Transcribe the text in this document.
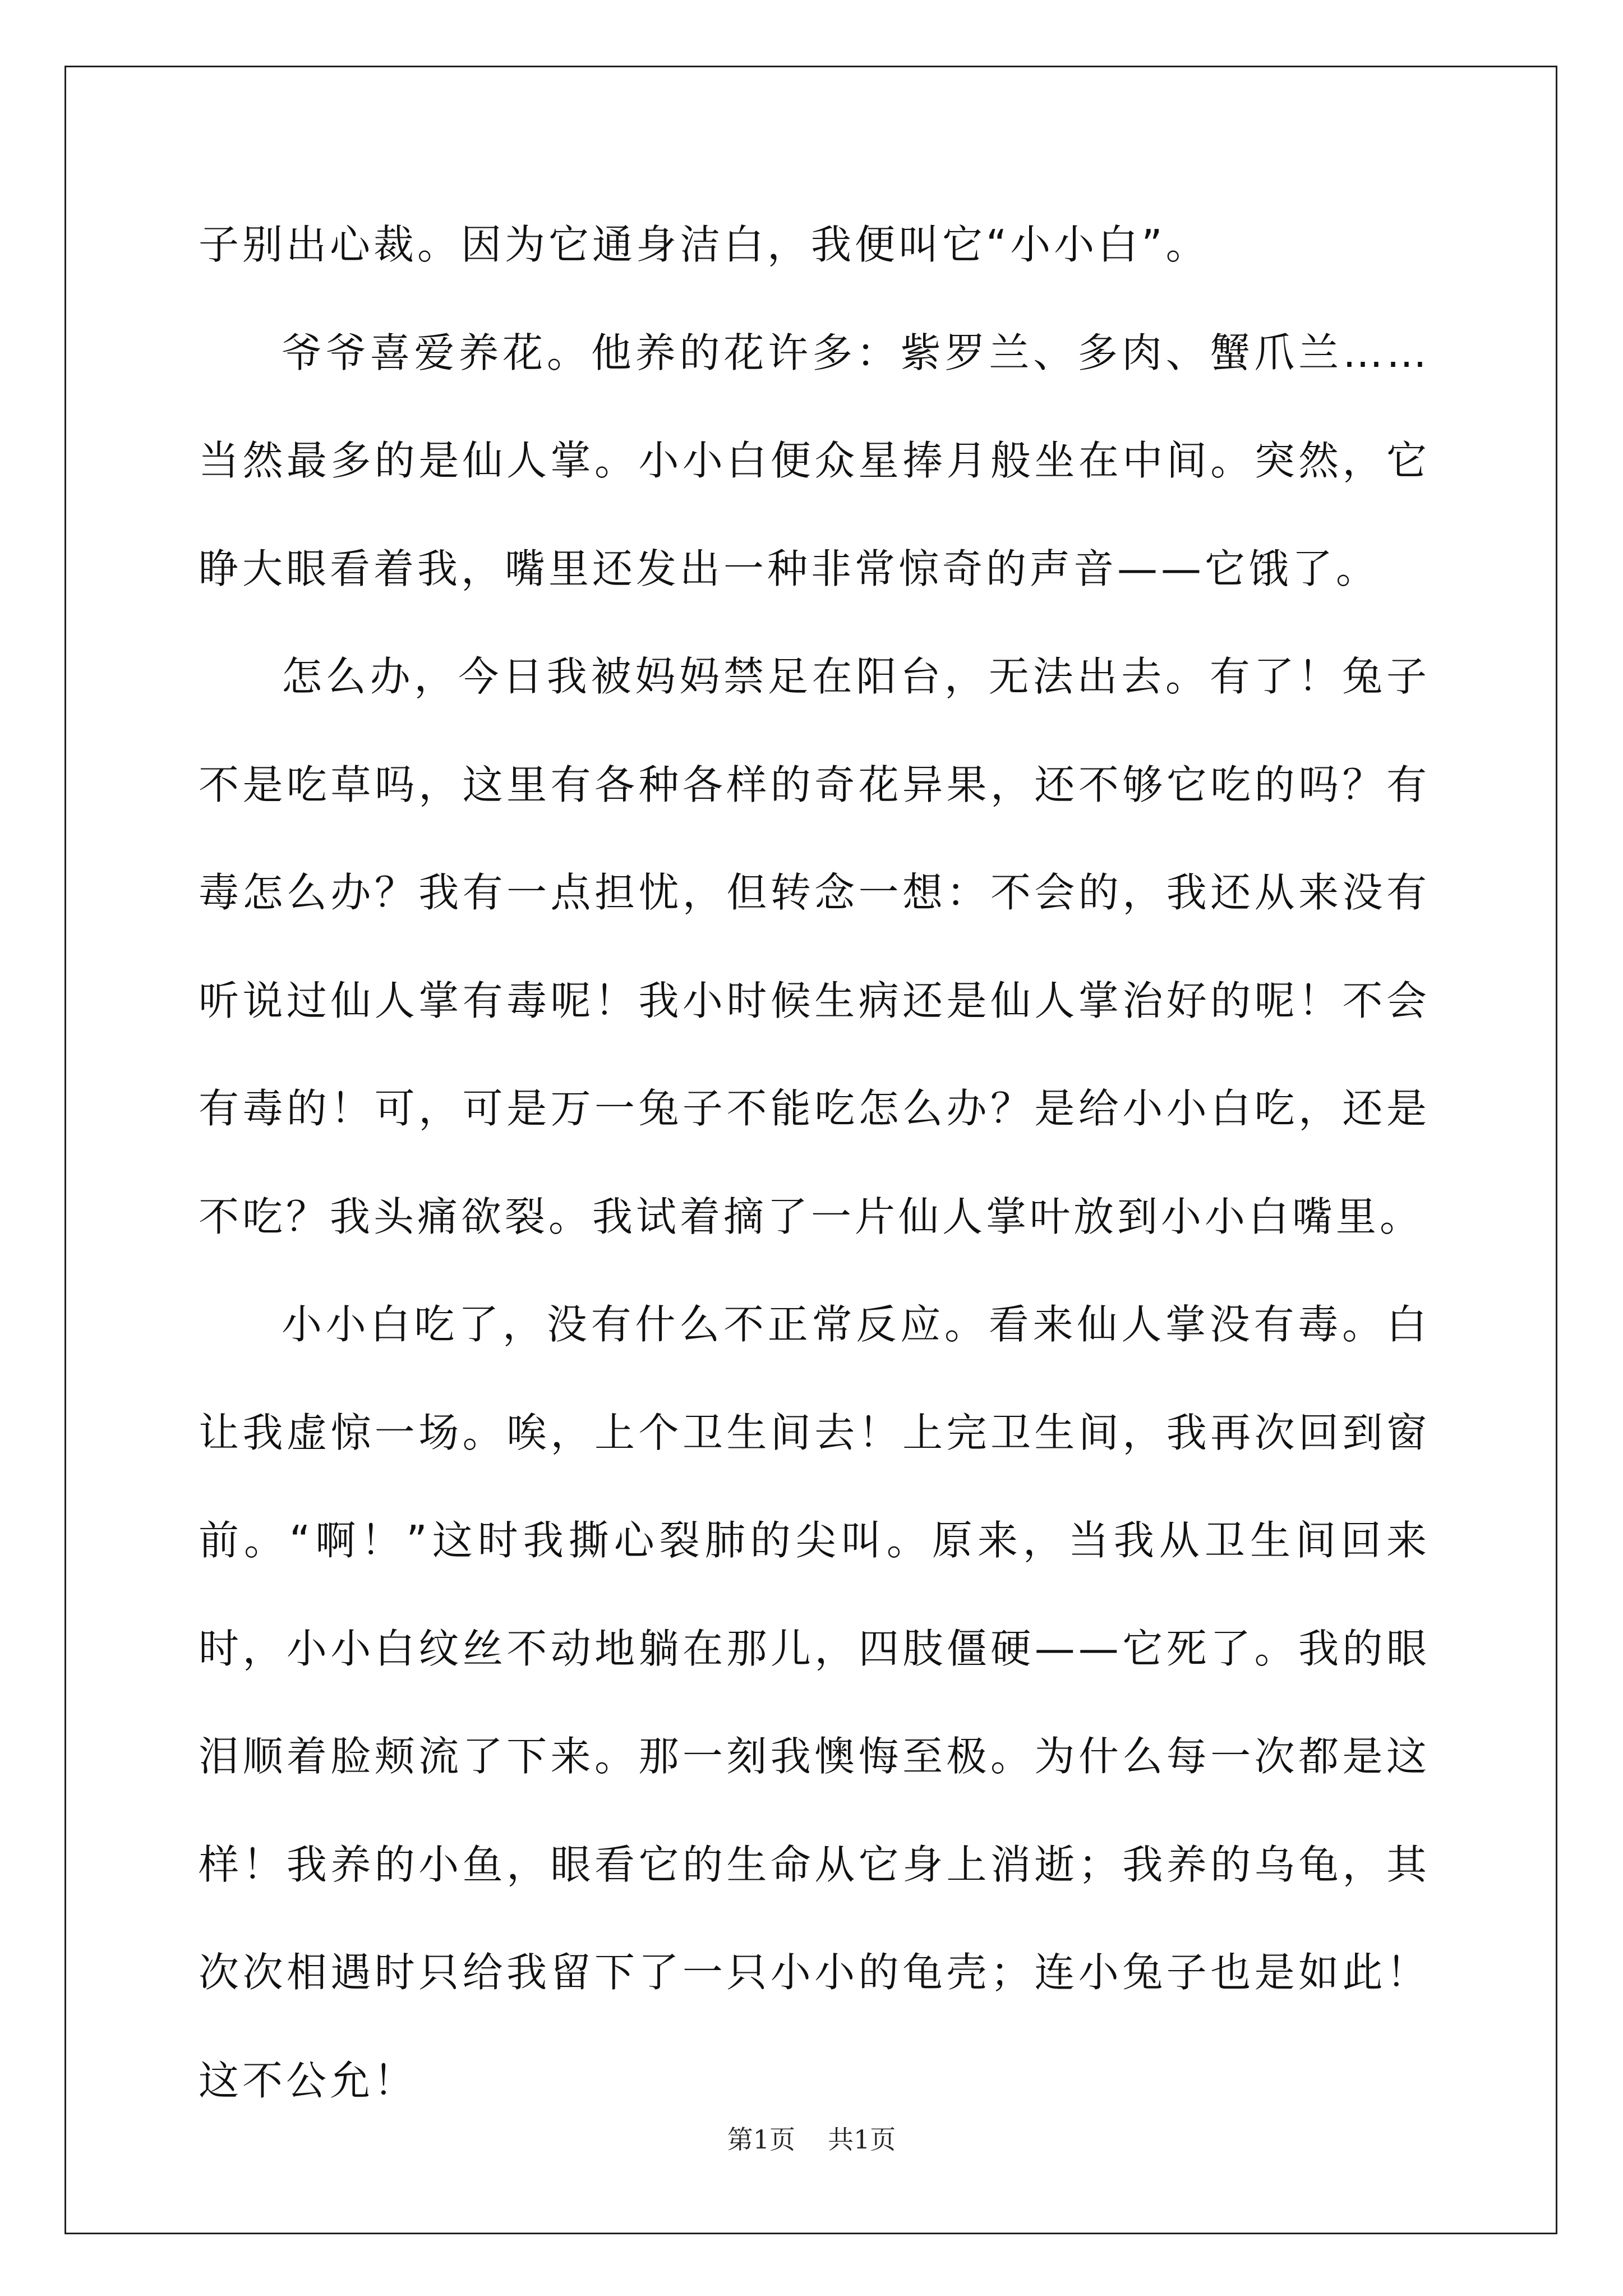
子别出心裁。因为它通身洁白，我便叫它“小小白”。

爷爷喜爱养花。他养的花许多：紫罗兰、多肉、蟹爪兰……当然最多的是仙人掌。小小白便众星捧月般坐在中间。突然，它睁大眼看着我，嘴里还发出一种非常惊奇的声音——它饿了。

怎么办，今日我被妈妈禁足在阳台，无法出去。有了！兔子不是吃草吗，这里有各种各样的奇花异果，还不够它吃的吗？有毒怎么办？我有一点担忧，但转念一想：不会的，我还从来没有听说过仙人掌有毒呢！我小时候生病还是仙人掌治好的呢！不会有毒的！可，可是万一兔子不能吃怎么办？是给小小白吃，还是不吃？我头痛欲裂。我试着摘了一片仙人掌叶放到小小白嘴里。

小小白吃了，没有什么不正常反应。看来仙人掌没有毒。白让我虚惊一场。唉，上个卫生间去！上完卫生间，我再次回到窗前。“啊！”这时我撕心裂肺的尖叫。原来，当我从卫生间回来时，小小白纹丝不动地躺在那儿，四肢僵硬——它死了。我的眼泪顺着脸颊流了下来。那一刻我懊悔至极。为什么每一次都是这样！我养的小鱼，眼看它的生命从它身上消逝；我养的乌龟，其次次相遇时只给我留下了一只小小的龟壳；连小兔子也是如此！这不公允！

第1页 共1页
